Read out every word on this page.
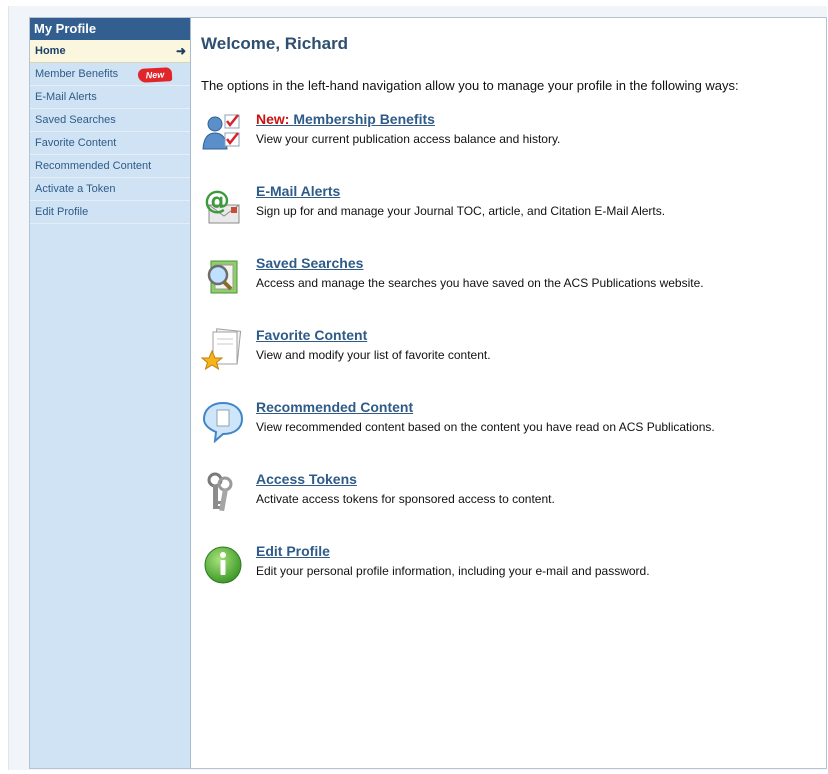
My Profile
Home	➜
Member Benefits	New
E-Mail Alerts
Saved Searches
Favorite Content
Recommended Content
Activate a Token
Edit Profile
Welcome, Richard
The options in the left-hand navigation allow you to manage your profile in the following ways:
New: Membership Benefits
View your current publication access balance and history.
@ E-Mail Alerts
Sign up for and manage your Journal TOC, article, and Citation E-Mail Alerts.
Saved Searches
Access and manage the searches you have saved on the ACS Publications website.
Favorite Content
View and modify your list of favorite content.
Recommended Content
View recommended content based on the content you have read on ACS Publications.
Access Tokens
Activate access tokens for sponsored access to content.
Edit Profile
Edit your personal profile information, including your e-mail and password.
